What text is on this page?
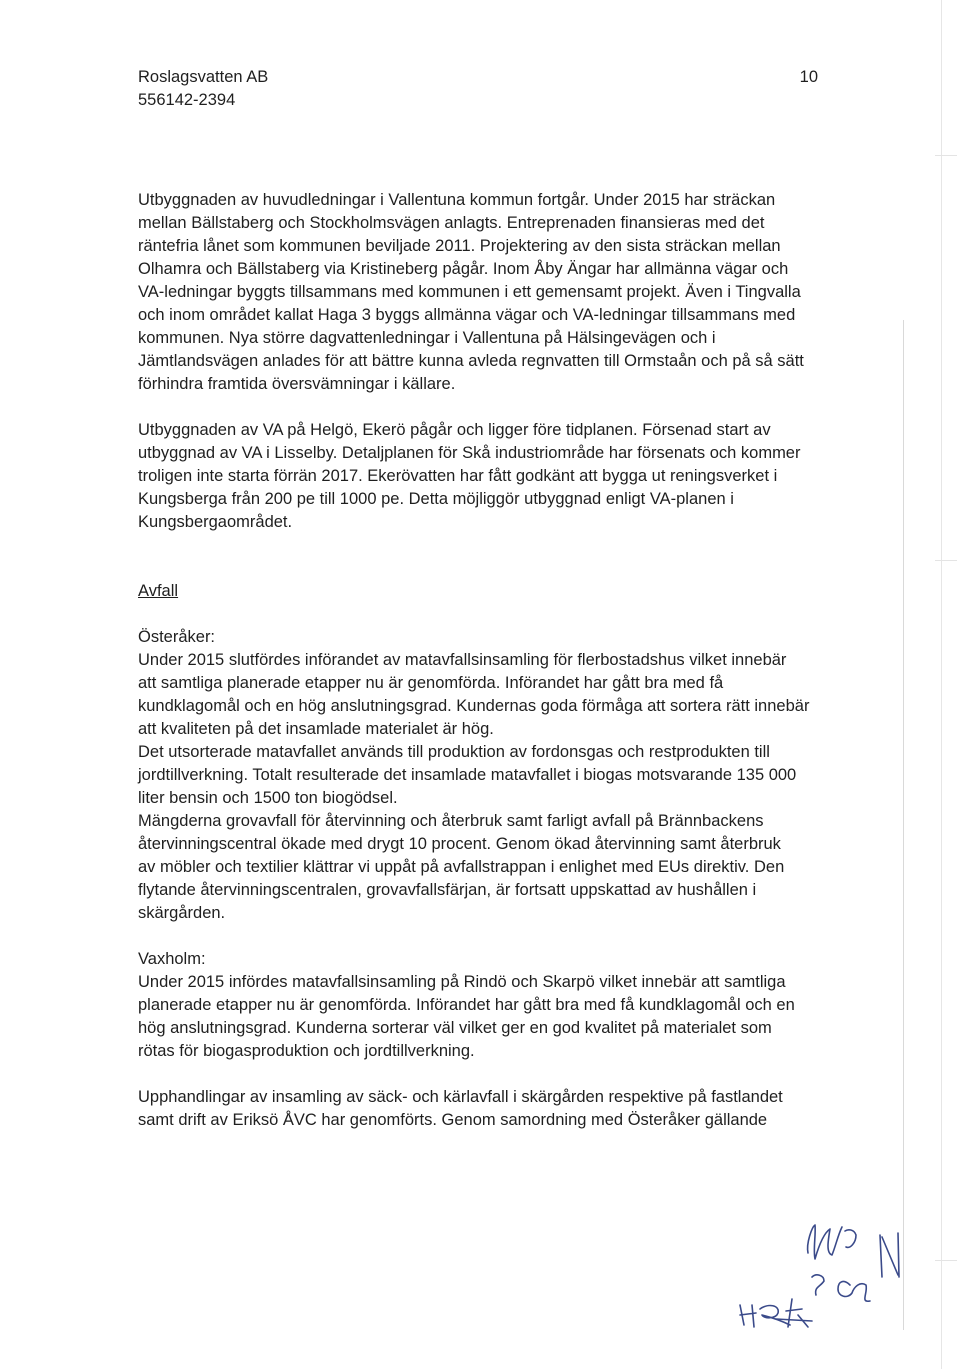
Roslagsvatten AB
556142-2394
10

Utbyggnaden av huvudledningar i Vallentuna kommun fortgår. Under 2015 har sträckan

mellan Bällstaberg och Stockholmsvägen anlagts. Entreprenaden finansieras med det

räntefria lånet som kommunen beviljade 2011. Projektering av den sista sträckan mellan

Olhamra och Bällstaberg via Kristineberg pågår. Inom Åby Ängar har allmänna vägar och

VA-ledningar byggts tillsammans med kommunen i ett gemensamt projekt. Även i Tingvalla

och inom området kallat Haga 3 byggs allmänna vägar och VA-ledningar tillsammans med

kommunen. Nya större dagvattenledningar i Vallentuna på Hälsingevägen och i

Jämtlandsvägen anlades för att bättre kunna avleda regnvatten till Ormstaån och på så sätt

förhindra framtida översvämningar i källare.

Utbyggnaden av VA på Helgö, Ekerö pågår och ligger före tidplanen. Försenad start av

utbyggnad av VA i Lisselby. Detaljplanen för Skå industriområde har försenats och kommer

troligen inte starta förrän 2017. Ekerövatten har fått godkänt att bygga ut reningsverket i

Kungsberga från 200 pe till 1000 pe. Detta möjliggör utbyggnad enligt VA-planen i

Kungsbergaområdet.

Avfall

Österåker:

Under 2015 slutfördes införandet av matavfallsinsamling för flerbostadshus vilket innebär

att samtliga planerade etapper nu är genomförda. Införandet har gått bra med få

kundklagomål och en hög anslutningsgrad. Kundernas goda förmåga att sortera rätt innebär

att kvaliteten på det insamlade materialet är hög.

Det utsorterade matavfallet används till produktion av fordonsgas och restprodukten till

jordtillverkning. Totalt resulterade det insamlade matavfallet i biogas motsvarande 135 000

liter bensin och 1500 ton biogödsel.

Mängderna grovavfall för återvinning och återbruk samt farligt avfall på Brännbackens

återvinningscentral ökade med drygt 10 procent. Genom ökad återvinning samt återbruk

av möbler och textilier klättrar vi uppåt på avfallstrappan i enlighet med EUs direktiv. Den

flytande återvinningscentralen, grovavfallsfärjan, är fortsatt uppskattad av hushållen i

skärgården.

Vaxholm:

Under 2015 infördes matavfallsinsamling på Rindö och Skarpö vilket innebär att samtliga

planerade etapper nu är genomförda. Införandet har gått bra med få kundklagomål och en

hög anslutningsgrad. Kunderna sorterar väl vilket ger en god kvalitet på materialet som

rötas för biogasproduktion och jordtillverkning.

Upphandlingar av insamling av säck- och kärlavfall i skärgården respektive på fastlandet

samt drift av Eriksö ÅVC har genomförts. Genom samordning med Österåker gällande
